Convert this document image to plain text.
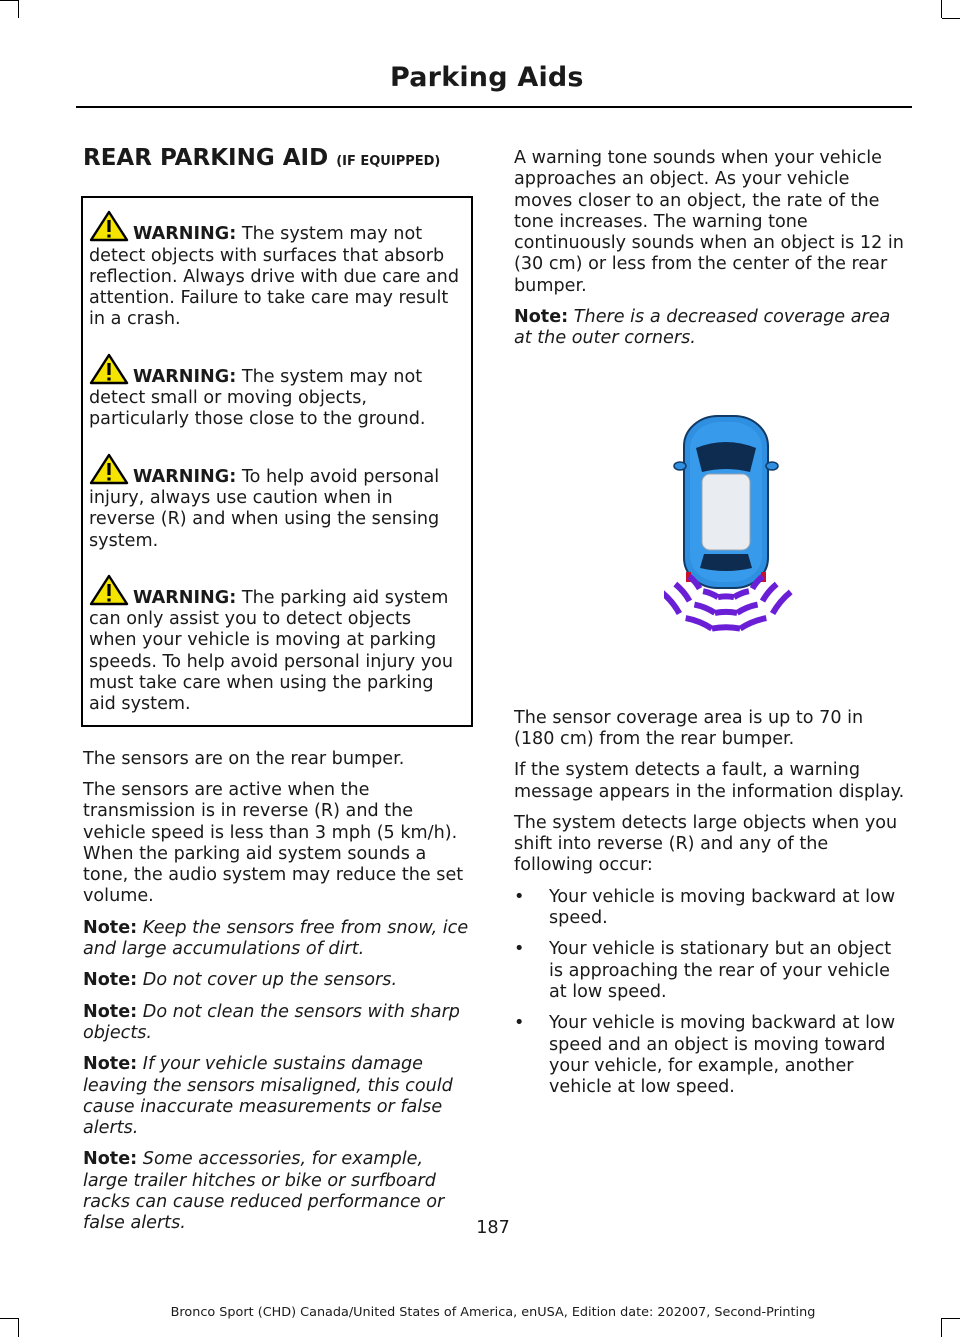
Parking Aids
REAR PARKING AID (IF EQUIPPED)

WARNING: The system may not detect objects with surfaces that absorb reflection. Always drive with due care and attention. Failure to take care may result in a crash.

WARNING: The system may not detect small or moving objects, particularly those close to the ground.

WARNING: To help avoid personal injury, always use caution when in reverse (R) and when using the sensing system.

WARNING: The parking aid system can only assist you to detect objects when your vehicle is moving at parking speeds. To help avoid personal injury you must take care when using the parking aid system.

The sensors are on the rear bumper.

The sensors are active when the transmission is in reverse (R) and the vehicle speed is less than 3 mph (5 km/h). When the parking aid system sounds a tone, the audio system may reduce the set volume.

Note: Keep the sensors free from snow, ice and large accumulations of dirt.

Note: Do not cover up the sensors.

Note: Do not clean the sensors with sharp objects.

Note: If your vehicle sustains damage leaving the sensors misaligned, this could cause inaccurate measurements or false alerts.

Note: Some accessories, for example, large trailer hitches or bike or surfboard racks can cause reduced performance or false alerts.

A warning tone sounds when your vehicle approaches an object. As your vehicle moves closer to an object, the rate of the tone increases. The warning tone continuously sounds when an object is 12 in (30 cm) or less from the center of the rear bumper.

Note: There is a decreased coverage area at the outer corners.

The sensor coverage area is up to 70 in (180 cm) from the rear bumper.

If the system detects a fault, a warning message appears in the information display.

The system detects large objects when you shift into reverse (R) and any of the following occur:

• Your vehicle is moving backward at low speed.
• Your vehicle is stationary but an object is approaching the rear of your vehicle at low speed.
• Your vehicle is moving backward at low speed and an object is moving toward your vehicle, for example, another vehicle at low speed.
187
Bronco Sport (CHD) Canada/United States of America, enUSA, Edition date: 202007, Second-Printing
